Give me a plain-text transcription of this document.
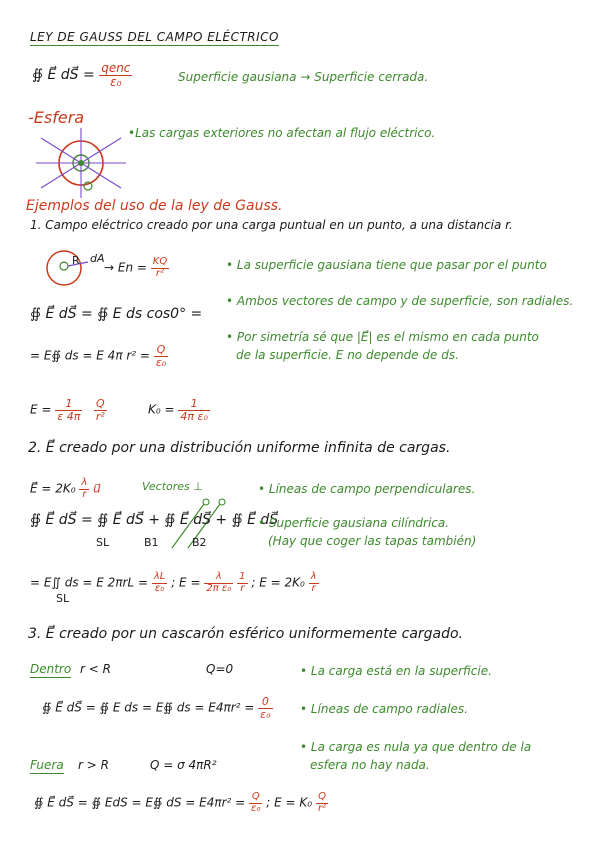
LEY DE GAUSS DEL CAMPO ELÉCTRICO
∯ E⃗ dS⃗ = $\frac{\text{qenc}}{\text{ε₀}}$	Superficie gausiana → Superficie cerrada.
-Esfera
•Las cargas exteriores no afectan al flujo eléctrico.
Ejemplos del uso de la ley de Gauss.
1. Campo eléctrico creado por una carga puntual en un punto, a una distancia r.
R dA
→ $En = \frac{KQ}{\text{r²}}$	• La superficie gausiana tiene que pasar por el punto
• Ambos vectores de campo y de superficie, son radiales.
• Por simetría sé que |E⃗| es el mismo en cada punto
de la superficie. E no depende de ds.
∯ E⃗ dS⃗ = ∯ E ds cos0° =
= E∯ ds = E 4π $r^2 = \frac{Q}{\text{ε₀}}$
$E = \frac{1}{\varepsilon 4\pi}$
$\frac{Q}{\text{r²}}$	$K_0 = \frac{1}{\text{4π ε₀}}$
2. E⃗ creado por una distribución uniforme infinita de cargas.
E⃗ = $2K_0 \frac{\lambda}{r}$ u⃗	Vectores ⊥
∯ E⃗ dS⃗ = ∯ E⃗ dS⃗ + ∯ E⃗ dS⃗ + ∯ E⃗ dS⃗
SL	B1	B2
• Líneas de campo perpendiculares.
• Superficie gausiana cilíndrica.
(Hay que coger las tapas también)
= E∬ ds = E $2\pi rL = \frac{\lambda L}{\text{ε₀}}$ ; $E = \frac{\lambda}{\text{2π ε₀}}$
$\frac{1}{r}$ ; $E = 2K_0 \frac{\lambda}{r}$
SL
3. E⃗ creado por un cascarón esférico uniformemente cargado.
Dentro r < R	Q=0
∯ E⃗ dS⃗ = ∯ E ds = E∯ ds = $E4\pi r^2 = \frac{0}{\text{ε₀}}$
• La carga está en la superficie.
• Líneas de campo radiales.
• La carga es nula ya que dentro de la
esfera no hay nada.
Fuera r > R	Q = σ 4πR²
∯ E⃗ dS⃗ = ∯ EdS = E∯ dS = $E4\pi r^2 = \frac{Q}{\text{ε₀}}$ ; $E = K_0 \frac{Q}{\text{r²}}$
